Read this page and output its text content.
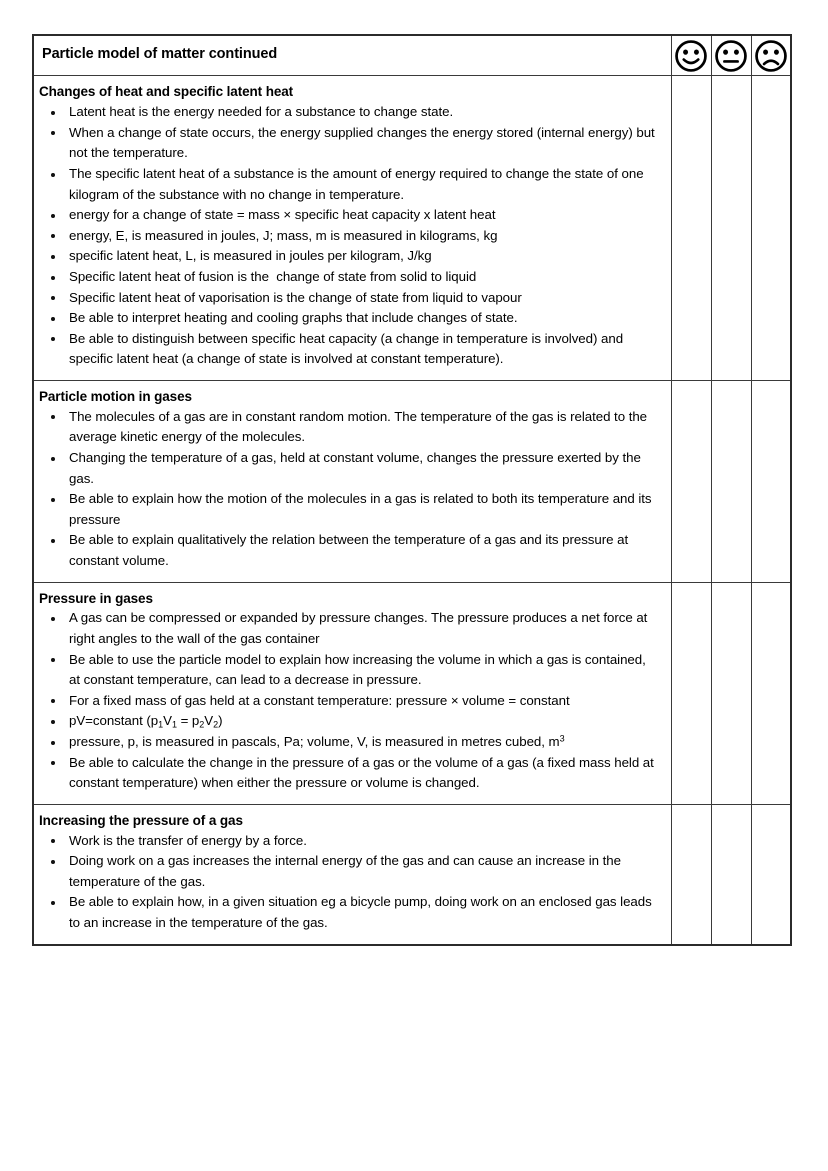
Particle model of matter continued

Changes of heat and specific latent heat
Latent heat is the energy needed for a substance to change state.
When a change of state occurs, the energy supplied changes the energy stored (internal energy) but not the temperature.
The specific latent heat of a substance is the amount of energy required to change the state of one kilogram of the substance with no change in temperature.
energy for a change of state = mass × specific heat capacity x latent heat
energy, E, is measured in joules, J; mass, m is measured in kilograms, kg
specific latent heat, L, is measured in joules per kilogram, J/kg
Specific latent heat of fusion is the  change of state from solid to liquid
Specific latent heat of vaporisation is the change of state from liquid to vapour
Be able to interpret heating and cooling graphs that include changes of state.
Be able to distinguish between specific heat capacity (a change in temperature is involved) and specific latent heat (a change of state is involved at constant temperature).

Particle motion in gases
The molecules of a gas are in constant random motion. The temperature of the gas is related to the average kinetic energy of the molecules.
Changing the temperature of a gas, held at constant volume, changes the pressure exerted by the gas.
Be able to explain how the motion of the molecules in a gas is related to both its temperature and its pressure
Be able to explain qualitatively the relation between the temperature of a gas and its pressure at constant volume.

Pressure in gases
A gas can be compressed or expanded by pressure changes. The pressure produces a net force at right angles to the wall of the gas container
Be able to use the particle model to explain how increasing the volume in which a gas is contained, at constant temperature, can lead to a decrease in pressure.
For a fixed mass of gas held at a constant temperature: pressure × volume = constant
pV=constant $(p_1V_1 = p_2V_2)$
pressure, p, is measured in pascals, Pa; volume, V, is measured in metres cubed, $m^3$
Be able to calculate the change in the pressure of a gas or the volume of a gas (a fixed mass held at constant temperature) when either the pressure or volume is changed.

Increasing the pressure of a gas
Work is the transfer of energy by a force.
Doing work on a gas increases the internal energy of the gas and can cause an increase in the temperature of the gas.
Be able to explain how, in a given situation eg a bicycle pump, doing work on an enclosed gas leads to an increase in the temperature of the gas.
